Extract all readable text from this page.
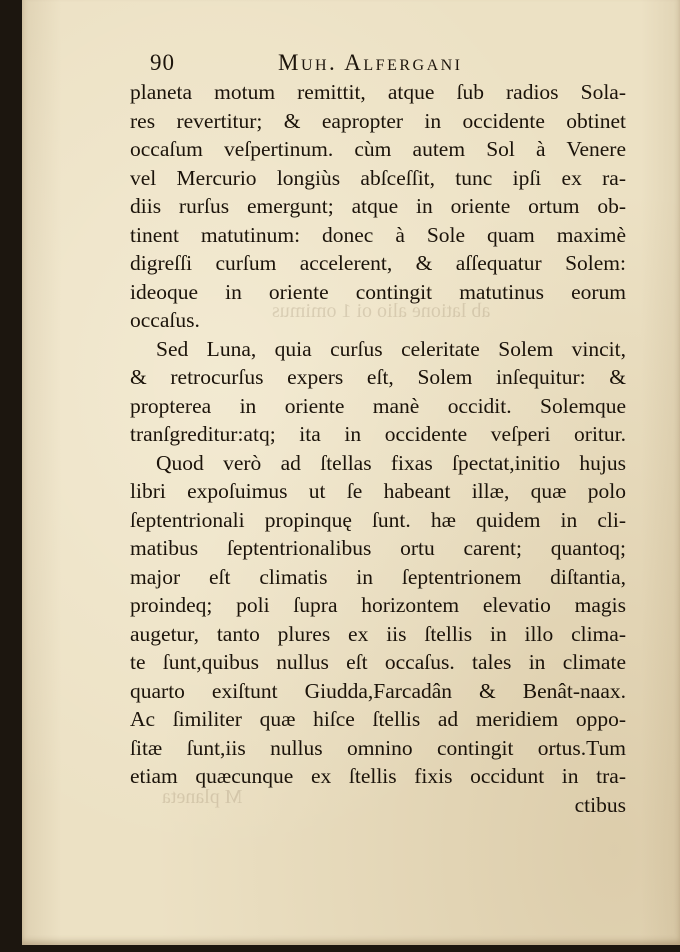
ab latione alio oi 1 omimus
M planeta
90	Muh. Alfergani
planeta motum remittit, atque ſub radios Sola-
res revertitur; & eapropter in occidente obtinet
occaſum veſpertinum. cùm autem Sol à Venere
vel Mercurio longiùs abſceſſit, tunc ipſi ex ra-
diis rurſus emergunt; atque in oriente ortum ob-
tinent matutinum: donec à Sole quam maximè
digreſſi curſum accelerent, & aſſequatur Solem:
ideoque in oriente contingit matutinus eorum
occaſus.
Sed Luna, quia curſus celeritate Solem vincit,
& retrocurſus expers eſt, Solem inſequitur: &
propterea in oriente manè occidit. Solemque
tranſgreditur:atq; ita in occidente veſperi oritur.
Quod verò ad ſtellas fixas ſpectat,initio hujus
libri expoſuimus ut ſe habeant illæ, quæ polo
ſeptentrionali propinquę ſunt. hæ quidem in cli-
matibus ſeptentrionalibus ortu carent; quantoq;
major eſt climatis in ſeptentrionem diſtantia,
proindeq; poli ſupra horizontem elevatio magis
augetur, tanto plures ex iis ſtellis in illo clima-
te ſunt,quibus nullus eſt occaſus. tales in climate
quarto exiſtunt Giudda,Farcadân & Benât-naax.
Ac ſimiliter quæ hiſce ſtellis ad meridiem oppo-
ſitæ ſunt,iis nullus omnino contingit ortus.Tum
etiam quæcunque ex ſtellis fixis occidunt in tra-
ctibus
